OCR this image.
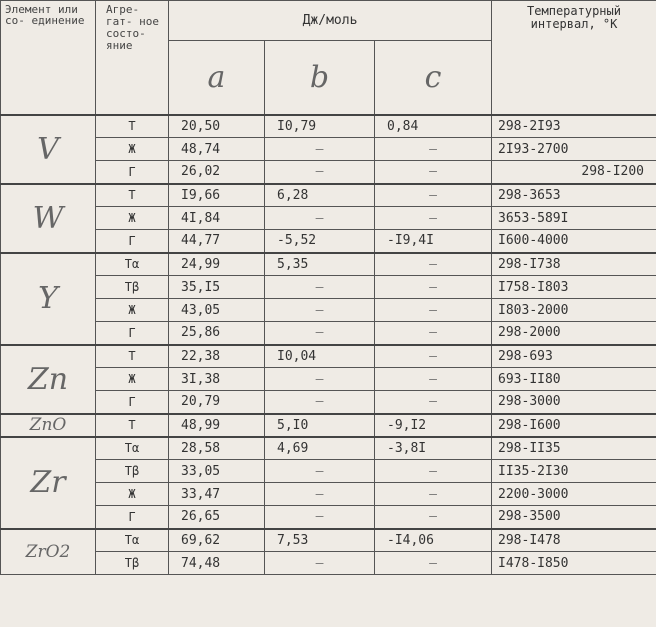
Элемент или со- единение	Агре- гат- ное состо- яние	Дж/моль			Температурный интервал, °К
		a	b	c	
V	Т	20,50	I0,79	0,84	298-2I93
	Ж	48,74	—	—	2I93-2700
	Г	26,02	—	—	298-I200
W	Т	I9,66	6,28	—	298-3653
	Ж	4I,84	—	—	3653-589I
	Г	44,77	-5,52	-I9,4I	I600-4000
Y	Тα	24,99	5,35	—	298-I738
	Тβ	35,I5	—	—	I758-I803
	Ж	43,05	—	—	I803-2000
	Г	25,86	—	—	298-2000
Zn	Т	22,38	I0,04	—	298-693
	Ж	3I,38	—	—	693-II80
	Г	20,79	—	—	298-3000
ZnO	Т	48,99	5,I0	-9,I2	298-I600
Zr	Тα	28,58	4,69	-3,8I	298-II35
	Тβ	33,05	—	—	II35-2I30
	Ж	33,47	—	—	2200-3000
	Г	26,65	—	—	298-3500
ZrO2	Тα	69,62	7,53	-I4,06	298-I478
	Тβ	74,48	—	—	I478-I850
